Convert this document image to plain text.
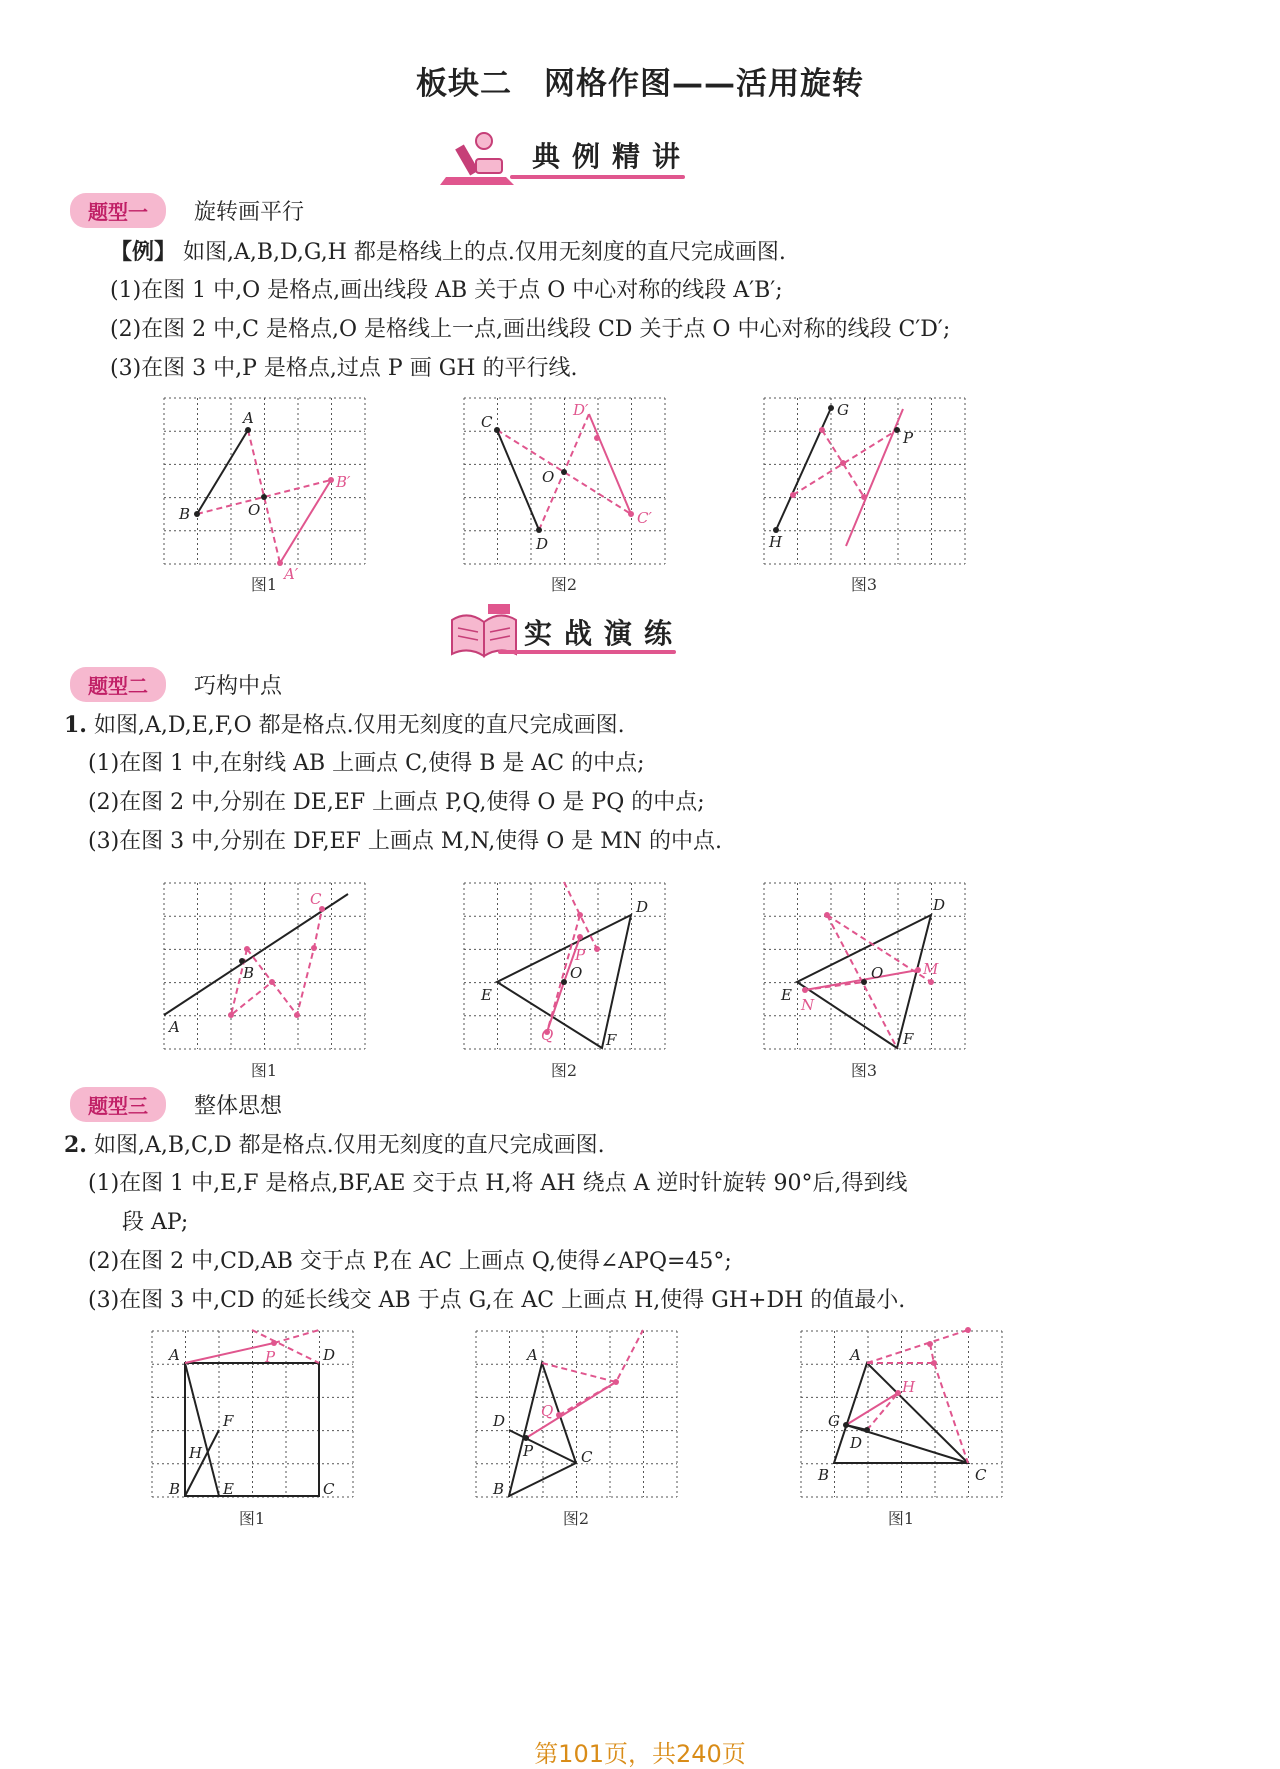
板块二　网格作图——活用旋转
典例精讲
题型一	旋转画平行
【例】 如图,A,B,D,G,H 都是格线上的点.仅用无刻度的直尺完成画图.
(1)在图 1 中,O 是格点,画出线段 AB 关于点 O 中心对称的线段 A′B′;
(2)在图 2 中,C 是格点,O 是格线上一点,画出线段 CD 关于点 O 中心对称的线段 C′D′;
(3)在图 3 中,P 是格点,过点 P 画 GH 的平行线.
A
B	O
B′
A′
图1
C
D′
O
C′
D
图2
G
P
H
图3
实战演练
题型二	巧构中点
1. 如图,A,D,E,F,O 都是格点.仅用无刻度的直尺完成画图.
(1)在图 1 中,在射线 AB 上画点 C,使得 B 是 AC 的中点;
(2)在图 2 中,分别在 DE,EF 上画点 P,Q,使得 O 是 PQ 的中点;
(3)在图 3 中,分别在 DF,EF 上画点 M,N,使得 O 是 MN 的中点.
C
B
A
图1
D
P
O
E
Q	F
图2
D
O	M
E
N
F
图3
题型三	整体思想
2. 如图,A,B,C,D 都是格点.仅用无刻度的直尺完成画图.
(1)在图 1 中,E,F 是格点,BF,AE 交于点 H,将 AH 绕点 A 逆时针旋转 90°后,得到线
段 AP;
(2)在图 2 中,CD,AB 交于点 P,在 AC 上画点 Q,使得∠APQ=45°;
(3)在图 3 中,CD 的延长线交 AB 于点 G,在 AC 上画点 H,使得 GH+DH 的值最小.
A	P	D
F
H
B	E	C
图1
A
Q
D
P	C
B
图2
A
H
G
D
B	C
图1
第101页，共240页
